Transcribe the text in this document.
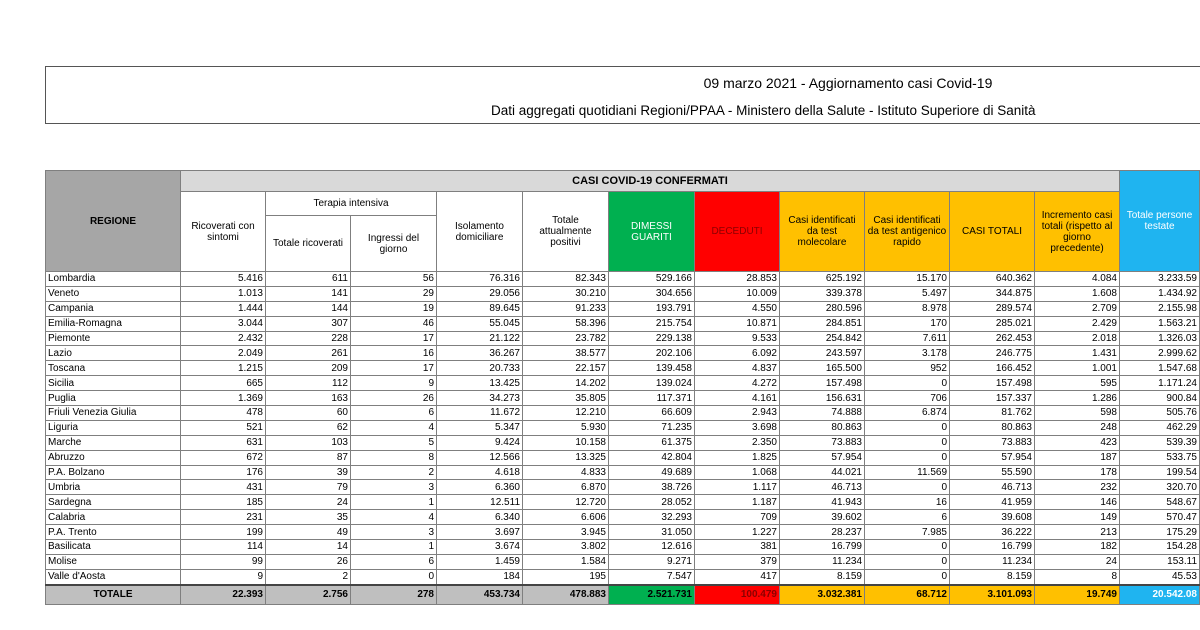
09 marzo 2021 - Aggiornamento casi Covid-19
Dati aggregati quotidiani Regioni/PPAA - Ministero della Salute - Istituto Superiore di Sanità
REGIONE	CASI COVID-19 CONFERMATI											Totale persone testate
	Ricoverati con sintomi	Terapia intensiva		Isolamento domiciliare	Totale attualmente positivi	DIMESSI GUARITI	DECEDUTI	Casi identificati da test molecolare	Casi identificati da test antigenico rapido	CASI TOTALI	Incremento casi totali (rispetto al giorno precedente)	
		Totale ricoverati	Ingressi del giorno									
Lombardia	5.416	611	56	76.316	82.343	529.166	28.853	625.192	15.170	640.362	4.084	3.233.59
Veneto	1.013	141	29	29.056	30.210	304.656	10.009	339.378	5.497	344.875	1.608	1.434.92
Campania	1.444	144	19	89.645	91.233	193.791	4.550	280.596	8.978	289.574	2.709	2.155.98
Emilia-Romagna	3.044	307	46	55.045	58.396	215.754	10.871	284.851	170	285.021	2.429	1.563.21
Piemonte	2.432	228	17	21.122	23.782	229.138	9.533	254.842	7.611	262.453	2.018	1.326.03
Lazio	2.049	261	16	36.267	38.577	202.106	6.092	243.597	3.178	246.775	1.431	2.999.62
Toscana	1.215	209	17	20.733	22.157	139.458	4.837	165.500	952	166.452	1.001	1.547.68
Sicilia	665	112	9	13.425	14.202	139.024	4.272	157.498	0	157.498	595	1.171.24
Puglia	1.369	163	26	34.273	35.805	117.371	4.161	156.631	706	157.337	1.286	900.84
Friuli Venezia Giulia	478	60	6	11.672	12.210	66.609	2.943	74.888	6.874	81.762	598	505.76
Liguria	521	62	4	5.347	5.930	71.235	3.698	80.863	0	80.863	248	462.29
Marche	631	103	5	9.424	10.158	61.375	2.350	73.883	0	73.883	423	539.39
Abruzzo	672	87	8	12.566	13.325	42.804	1.825	57.954	0	57.954	187	533.75
P.A. Bolzano	176	39	2	4.618	4.833	49.689	1.068	44.021	11.569	55.590	178	199.54
Umbria	431	79	3	6.360	6.870	38.726	1.117	46.713	0	46.713	232	320.70
Sardegna	185	24	1	12.511	12.720	28.052	1.187	41.943	16	41.959	146	548.67
Calabria	231	35	4	6.340	6.606	32.293	709	39.602	6	39.608	149	570.47
P.A. Trento	199	49	3	3.697	3.945	31.050	1.227	28.237	7.985	36.222	213	175.29
Basilicata	114	14	1	3.674	3.802	12.616	381	16.799	0	16.799	182	154.28
Molise	99	26	6	1.459	1.584	9.271	379	11.234	0	11.234	24	153.11
Valle d'Aosta	9	2	0	184	195	7.547	417	8.159	0	8.159	8	45.53
TOTALE	22.393	2.756	278	453.734	478.883	2.521.731	100.479	3.032.381	68.712	3.101.093	19.749	20.542.08
